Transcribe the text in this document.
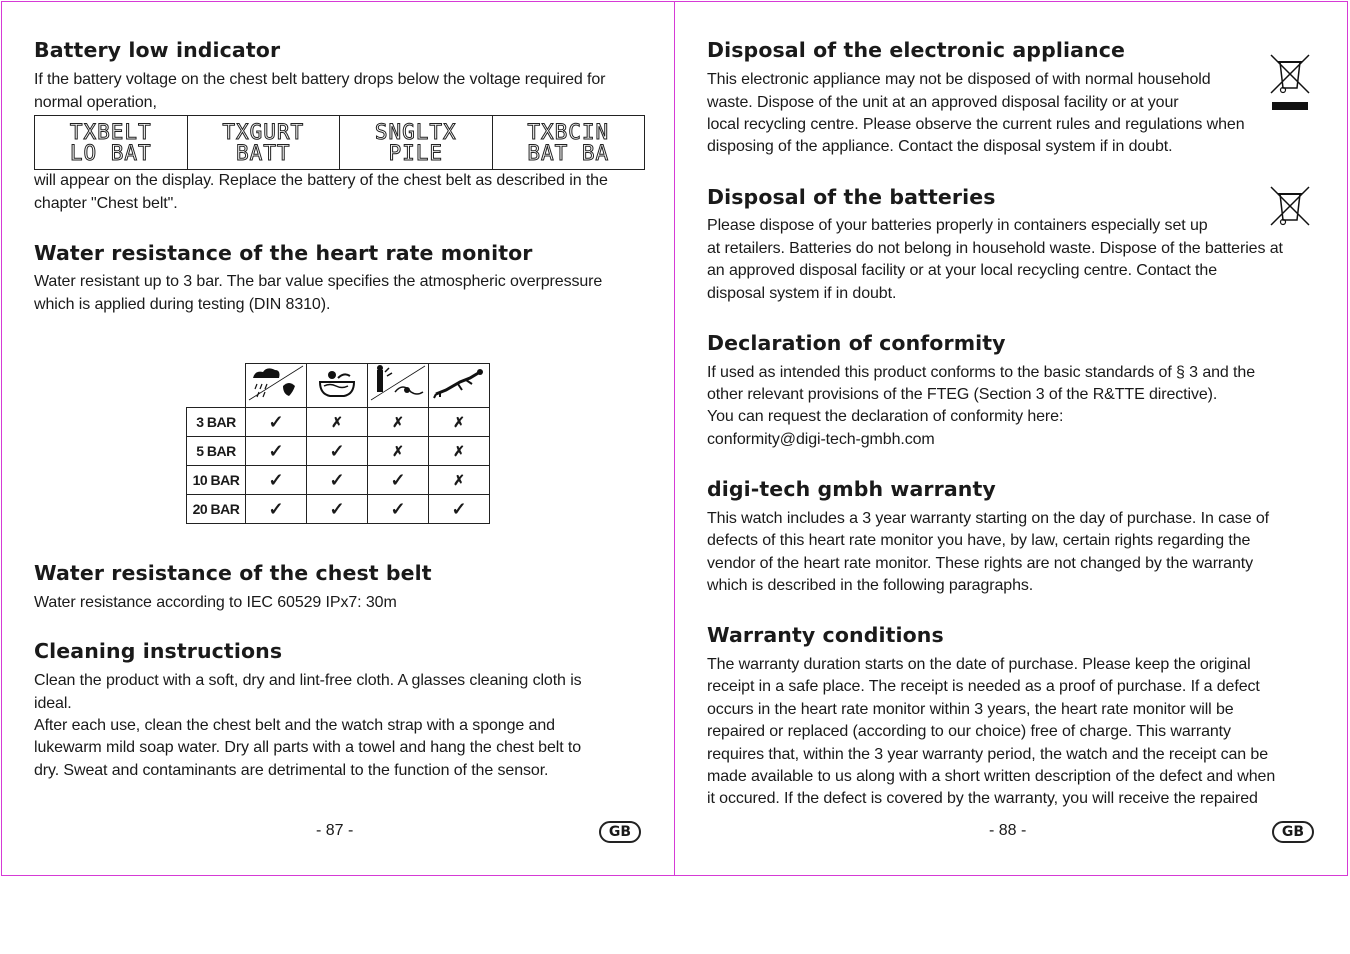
Battery low indicator

If the battery voltage on the chest belt battery drops below the voltage required for

normal operation,

TXBELT
LO BAT
TXGURT
BATT
SNGLTX
PILE
TXBCIN
BAT BA

will appear on the display. Replace the battery of the chest belt as described in the

chapter "Chest belt".

Water resistance of the heart rate monitor

Water resistant up to 3 bar. The bar value specifies the atmospheric overpressure

which is applied during testing (DIN 8310).

3 BAR	✓	✗	✗	✗
5 BAR	✓	✓	✗	✗
10 BAR	✓	✓	✓	✗
20 BAR	✓	✓	✓	✓
Water resistance of the chest belt

Water resistance according to IEC 60529 IPx7: 30m

Cleaning instructions

Clean the product with a soft, dry and lint-free cloth. A glasses cleaning cloth is

ideal.

After each use, clean the chest belt and the watch strap with a sponge and

lukewarm mild soap water. Dry all parts with a towel and hang the chest belt to

dry. Sweat and contaminants are detrimental to the function of the sensor.

- 87 -	GB
Disposal of the electronic appliance

This electronic appliance may not be disposed of with normal household

waste. Dispose of the unit at an approved disposal facility or at your

local recycling centre. Please observe the current rules and regulations when

disposing of the appliance. Contact the disposal system if in doubt.

Disposal of the batteries

Please dispose of your batteries properly in containers especially set up

at retailers. Batteries do not belong in household waste. Dispose of the batteries at

an approved disposal facility or at your local recycling centre. Contact the

disposal system if in doubt.

Declaration of conformity

If used as intended this product conforms to the basic standards of § 3 and the

other relevant provisions of the FTEG (Section 3 of the R&TTE directive).

You can request the declaration of conformity here:

conformity@digi-tech-gmbh.com

digi-tech gmbh warranty

This watch includes a 3 year warranty starting on the day of purchase. In case of

defects of this heart rate monitor you have, by law, certain rights regarding the

vendor of the heart rate monitor. These rights are not changed by the warranty

which is described in the following paragraphs.

Warranty conditions

The warranty duration starts on the date of purchase. Please keep the original

receipt in a safe place. The receipt is needed as a proof of purchase. If a defect

occurs in the heart rate monitor within 3 years, the heart rate monitor will be

repaired or replaced (according to our choice) free of charge. This warranty

requires that, within the 3 year warranty period, the watch and the receipt can be

made available to us along with a short written description of the defect and when

it occured. If the defect is covered by the warranty, you will receive the repaired

- 88 -	GB
